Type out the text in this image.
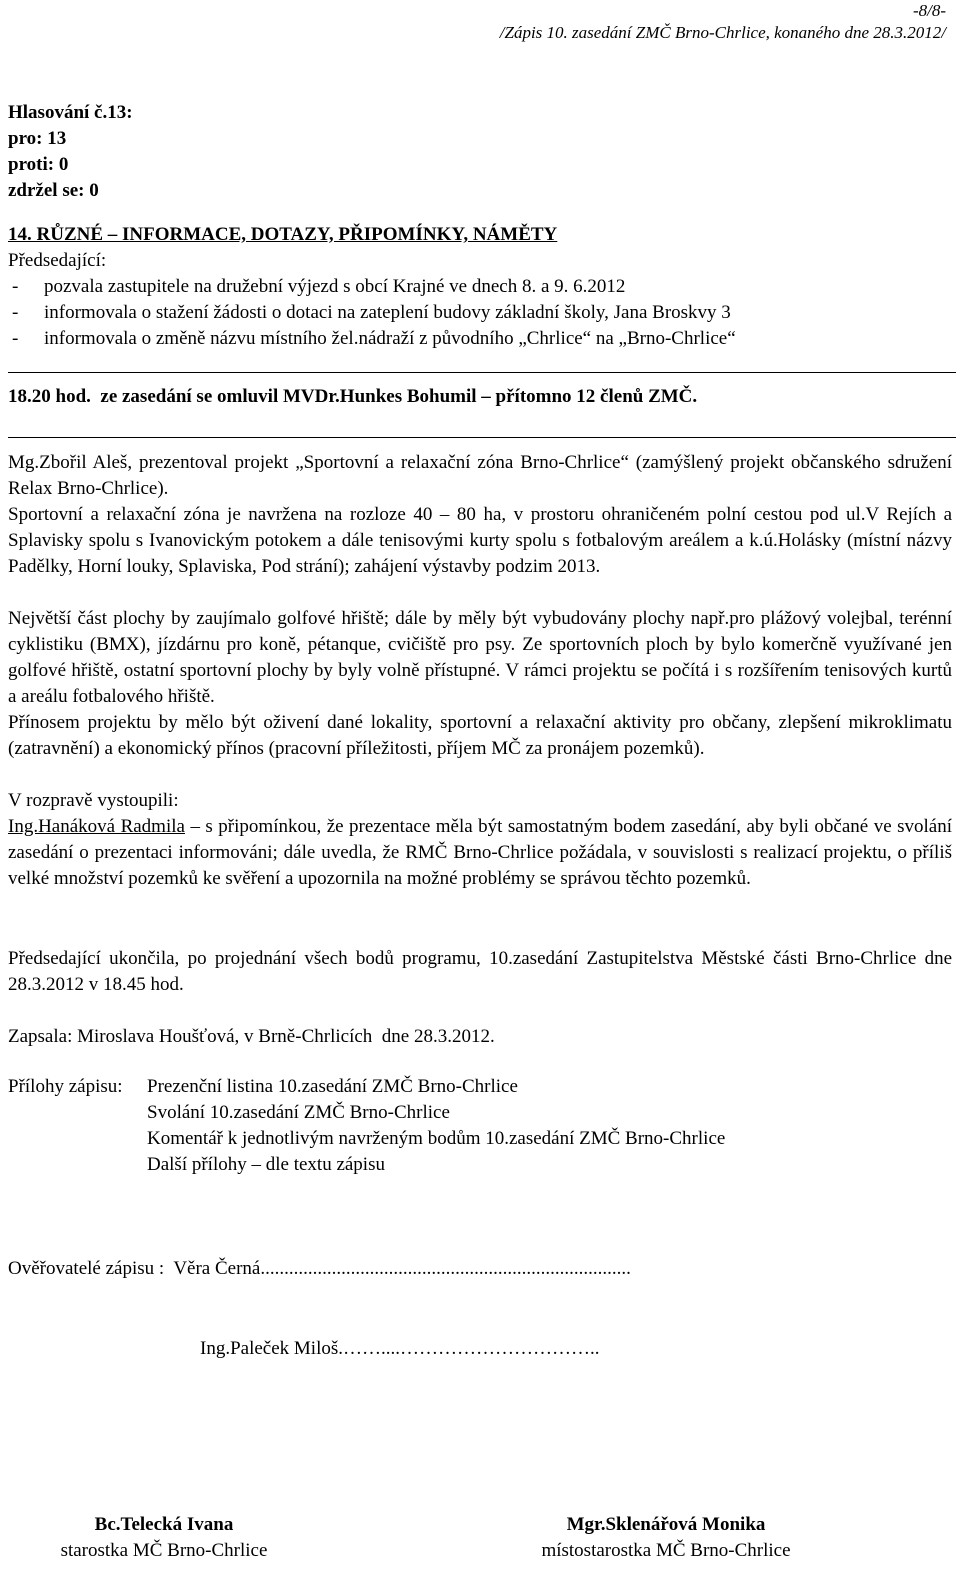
-8/8-
/Zápis 10. zasedání ZMČ Brno-Chrlice, konaného dne 28.3.2012/
Hlasování č.13:
pro: 13
proti: 0
zdržel se: 0
14. RŮZNÉ – INFORMACE, DOTAZY, PŘIPOMÍNKY, NÁMĚTY
Předsedající:
- pozvala zastupitele na družební výjezd s obcí Krajné ve dnech 8. a 9. 6.2012
- informovala o stažení žádosti o dotaci na zateplení budovy základní školy, Jana Broskvy 3
- informovala o změně názvu místního žel.nádraží z původního „Chrlice“ na „Brno-Chrlice“
18.20 hod.  ze zasedání se omluvil MVDr.Hunkes Bohumil – přítomno 12 členů ZMČ.
Mg.Zbořil Aleš, prezentoval projekt „Sportovní a relaxační zóna Brno-Chrlice“ (zamýšlený projekt občanského sdružení Relax Brno-Chrlice).
Sportovní a relaxační zóna je navržena na rozloze 40 – 80 ha, v prostoru ohraničeném polní cestou pod ul.V Rejích a Splavisky spolu s Ivanovickým potokem a dále tenisovými kurty spolu s fotbalovým areálem a k.ú.Holásky (místní názvy Padělky, Horní louky, Splaviska, Pod strání); zahájení výstavby podzim 2013.
Největší část plochy by zaujímalo golfové hřiště; dále by měly být vybudovány plochy např.pro plážový volejbal, terénní cyklistiku (BMX), jízdárnu pro koně, pétanque, cvičiště pro psy. Ze sportovních ploch by bylo komerčně využívané jen golfové hřiště, ostatní sportovní plochy by byly volně přístupné. V rámci projektu se počítá i s rozšířením tenisových kurtů a areálu fotbalového hřiště.
Přínosem projektu by mělo být oživení dané lokality, sportovní a relaxační aktivity pro občany, zlepšení mikroklimatu (zatravnění) a ekonomický přínos (pracovní příležitosti, příjem MČ za pronájem pozemků).
V rozpravě vystoupili:
Ing.Hanáková Radmila – s připomínkou, že prezentace měla být samostatným bodem zasedání, aby byli občané ve svolání zasedání o prezentaci informováni; dále uvedla, že RMČ Brno-Chrlice požádala, v souvislosti s realizací projektu, o příliš velké množství pozemků ke svěření a upozornila na možné problémy se správou těchto pozemků.
Předsedající ukončila, po projednání všech bodů programu, 10.zasedání Zastupitelstva Městské části Brno-Chrlice dne 28.3.2012 v 18.45 hod.
Zapsala: Miroslava Houšťová, v Brně-Chrlicích  dne 28.3.2012.
Přílohy zápisu: Prezenční listina 10.zasedání ZMČ Brno-Chrlice
Svolání 10.zasedání ZMČ Brno-Chrlice
Komentář k jednotlivým navrženým bodům 10.zasedání ZMČ Brno-Chrlice
Další přílohy – dle textu zápisu
Ověřovatelé zápisu :  Věra Černá..............................................................................
Ing.Paleček Miloš.……....…………………………..
Bc.Telecká Ivana
starostka MČ Brno-Chrlice
Mgr.Sklenářová Monika
místostarostka MČ Brno-Chrlice
